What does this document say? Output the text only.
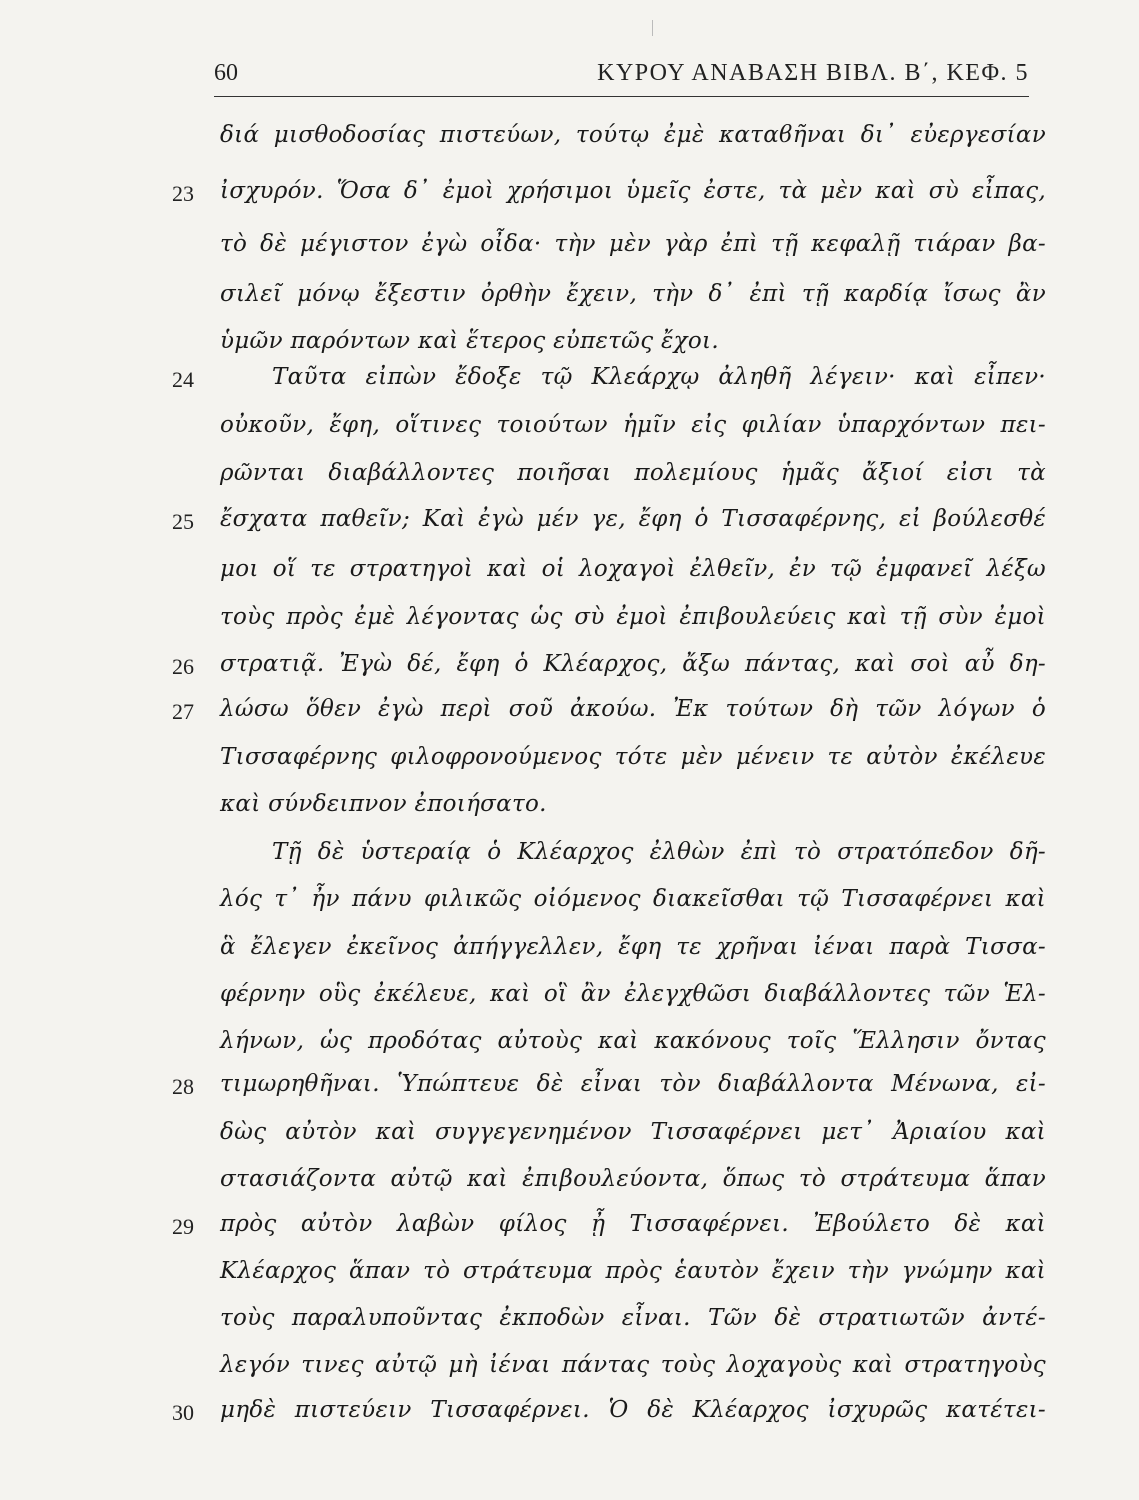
60	ΚΥΡΟΥ ΑΝΑΒΑΣΗ ΒΙΒΛ. Β΄, ΚΕΦ. 5
διά μισθοδοσίας πιστεύων, τούτῳ ἐμὲ καταϐῆναι δι᾽ εὐεργεσίαν
23	ἰσχυρόν. Ὅσα δ᾽ ἐμοὶ χρήσιμοι ὑμεῖς ἐστε, τὰ μὲν καὶ σὺ εἶπας,
τὸ δὲ μέγιστον ἐγὼ οἶδα· τὴν μὲν γὰρ ἐπὶ τῇ κεφαλῇ τιάραν βα-
σιλεῖ μόνῳ ἔξεστιν ὀρθὴν ἔχειν, τὴν δ᾽ ἐπὶ τῇ καρδίᾳ ἴσως ἂν
ὑμῶν παρόντων καὶ ἕτερος εὐπετῶς ἔχοι.
24	Ταῦτα εἰπὼν ἔδοξε τῷ Κλεάρχῳ ἀληθῆ λέγειν· καὶ εἶπεν·
οὐκοῦν, ἔφη, οἵτινες τοιούτων ἡμῖν εἰς φιλίαν ὑπαρχόντων πει-
ρῶνται διαβάλλοντες ποιῆσαι πολεμίους ἡμᾶς ἄξιοί εἰσι τὰ
25	ἔσχατα παθεῖν; Καὶ ἐγὼ μέν γε, ἔφη ὁ Τισσαφέρνης, εἰ βούλεσθέ
μοι οἵ τε στρατηγοὶ καὶ οἱ λοχαγοὶ ἐλθεῖν, ἐν τῷ ἐμφανεῖ λέξω
τοὺς πρὸς ἐμὲ λέγοντας ὡς σὺ ἐμοὶ ἐπιβουλεύεις καὶ τῇ σὺν ἐμοὶ
26	στρατιᾷ. Ἐγὼ δέ, ἔφη ὁ Κλέαρχος, ἄξω πάντας, καὶ σοὶ αὖ δη-
27	λώσω ὅθεν ἐγὼ περὶ σοῦ ἀκούω. Ἐκ τούτων δὴ τῶν λόγων ὁ
Τισσαφέρνης φιλοφρονούμενος τότε μὲν μένειν τε αὐτὸν ἐκέλευε
καὶ σύνδειπνον ἐποιήσατο.
Τῇ δὲ ὑστεραίᾳ ὁ Κλέαρχος ἐλθὼν ἐπὶ τὸ στρατόπεδον δῆ-
λός τ᾽ ἦν πάνυ φιλικῶς οἰόμενος διακεῖσθαι τῷ Τισσαφέρνει καὶ
ἃ ἔλεγεν ἐκεῖνος ἀπήγγελλεν, ἔφη τε χρῆναι ἰέναι παρὰ Τισσα-
φέρνην οὓς ἐκέλευε, καὶ οἳ ἂν ἐλεγχθῶσι διαβάλλοντες τῶν Ἑλ-
λήνων, ὡς προδότας αὐτοὺς καὶ κακόνους τοῖς Ἕλλησιν ὄντας
28	τιμωρηθῆναι. Ὑπώπτευε δὲ εἶναι τὸν διαβάλλοντα Μένωνα, εἰ-
δὼς αὐτὸν καὶ συγγεγενημένον Τισσαφέρνει μετ᾽ Ἀριαίου καὶ
στασιάζοντα αὐτῷ καὶ ἐπιβουλεύοντα, ὅπως τὸ στράτευμα ἅπαν
29	πρὸς αὐτὸν λαβὼν φίλος ᾖ Τισσαφέρνει. Ἐβούλετο δὲ καὶ
Κλέαρχος ἅπαν τὸ στράτευμα πρὸς ἑαυτὸν ἔχειν τὴν γνώμην καὶ
τοὺς παραλυποῦντας ἐκποδὼν εἶναι. Τῶν δὲ στρατιωτῶν ἀντέ-
λεγόν τινες αὐτῷ μὴ ἰέναι πάντας τοὺς λοχαγοὺς καὶ στρατηγοὺς
30	μηδὲ πιστεύειν Τισσαφέρνει. Ὁ δὲ Κλέαρχος ἰσχυρῶς κατέτει-
